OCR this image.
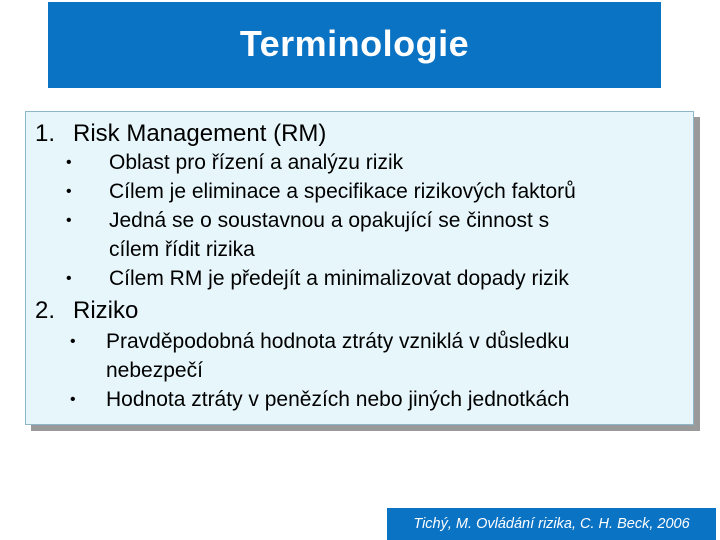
Terminologie
1. Risk Management (RM)
• Oblast pro řízení a analýzu rizik
• Cílem je eliminace a specifikace rizikových faktorů
• Jedná se o soustavnou a opakující se činnost s
cílem řídit rizika
• Cílem RM je předejít a minimalizovat dopady rizik
2. Riziko
• Pravděpodobná hodnota ztráty vzniklá v důsledku
nebezpečí
• Hodnota ztráty v penězích nebo jiných jednotkách
Tichý, M. Ovládání rizika, C. H. Beck, 2006
